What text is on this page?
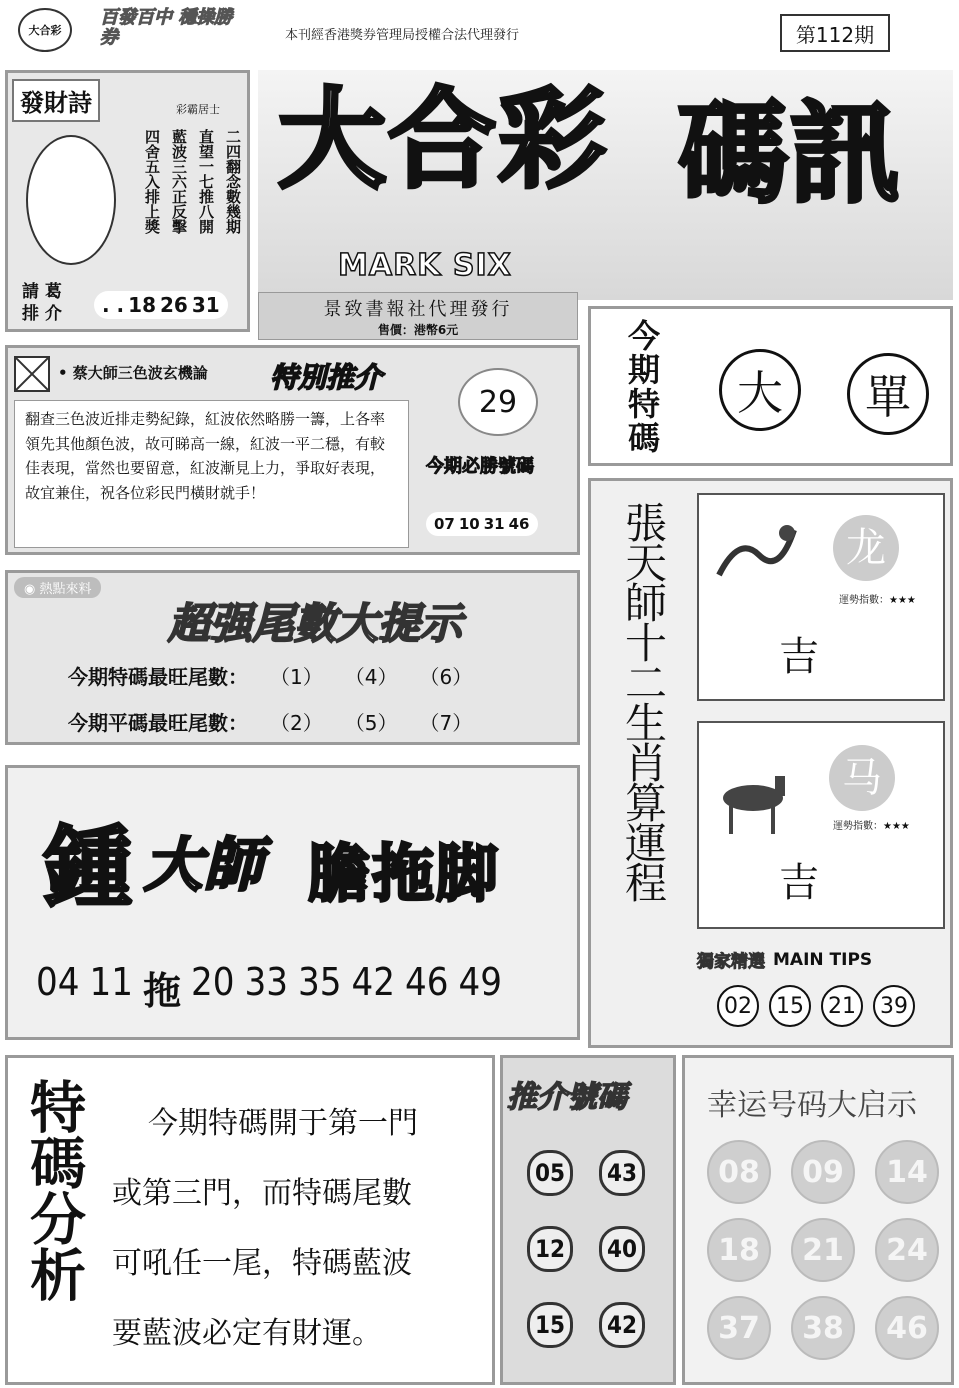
大合彩
百發百中 穩操勝券	本刊經香港獎券管理局授權合法代理發行	第112期
發財詩	彩霸居士
二四翻念數幾期
直望一七推八開
藍波三六正反擊
四舍五入排上獎
請 葛
排 介 . . 18 26 31
大合彩 碼訊
MARK SIX
景致書報社代理發行
售價：港幣6元
• 蔡大師三色波玄機論 特別推介
翻查三色波近排走勢紀錄，紅波依然略勝一籌，上各率領先其他顏色波，故可睇高一線，紅波一平二穩，有較佳表現，當然也要留意，紅波漸見上力，爭取好表現，故宜兼住，祝各位彩民門橫財就手！
29
今期必勝號碼
07 10 31 46
今期特碼 大 單
◉ 熱點來料
超强尾數大提示
今期特碼最旺尾數： （1） （4） （6）
今期平碼最旺尾數： （2） （5） （7）
鍾 大師 膽拖脚
04 11 拖 20 33 35 42 46 49
張天師十二生肖算運程	龙
運勢指數：★★★
吉
马
運勢指數：★★★
吉
獨家精選 MAIN TIPS
02	15	21	39
特碼分析 今期特碼開于第一門
或第三門，而特碼尾數
可吼任一尾，特碼藍波
要藍波必定有財運。
推介號碼
05	43
12	40
15	42
幸运号码大启示
08	09	14
18	21	24
37	38	46
